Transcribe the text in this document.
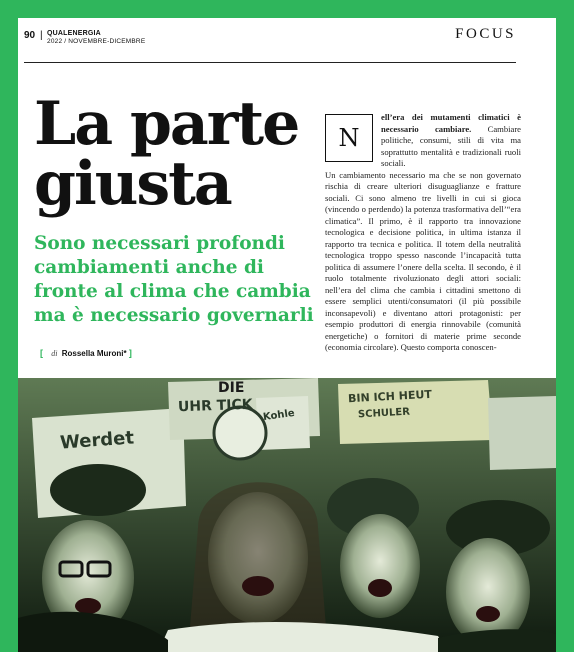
90 | QUALENERGIA
2022 / NOVEMBRE-DICEMBRE	FOCUS
La parte giusta
Sono necessari profondi cambiamenti anche di fronte al clima che cambia ma è necessario governarli
[ di Rossella Muroni* ]
N
ell’era dei mutamenti climatici è necessario cambiare. Cambiare politiche, consumi, stili di vita ma soprattutto mentalità e tradizionali ruoli sociali.
Un cambiamento necessario ma che se non governato rischia di creare ulteriori disuguaglianze e fratture sociali. Ci sono almeno tre livelli in cui si gioca (vincendo o perdendo) la potenza trasformativa dell’“era climatica”. Il primo, è il rapporto tra innovazione tecnologica e decisione politica, in ultima istanza il rapporto tra tecnica e politica. Il totem della neutralità tecnologica troppo spesso nasconde l’incapacità tutta politica di assumere l’onere della scelta. Il secondo, è il ruolo totalmente rivoluzionato degli attori sociali: nell’era del clima che cambia i cittadini smettono di essere semplici utenti/consumatori (il più possibile inconsapevoli) e diventano attori protagonisti: per esempio produttori di energia rinnovabile (comunità energetiche) o fornitori di materie prime seconde (economia circolare). Questo comporta conoscen-
Werdet
UHR TICK
BIN ICH HEUT
SCHULER
Kohle
DIE
